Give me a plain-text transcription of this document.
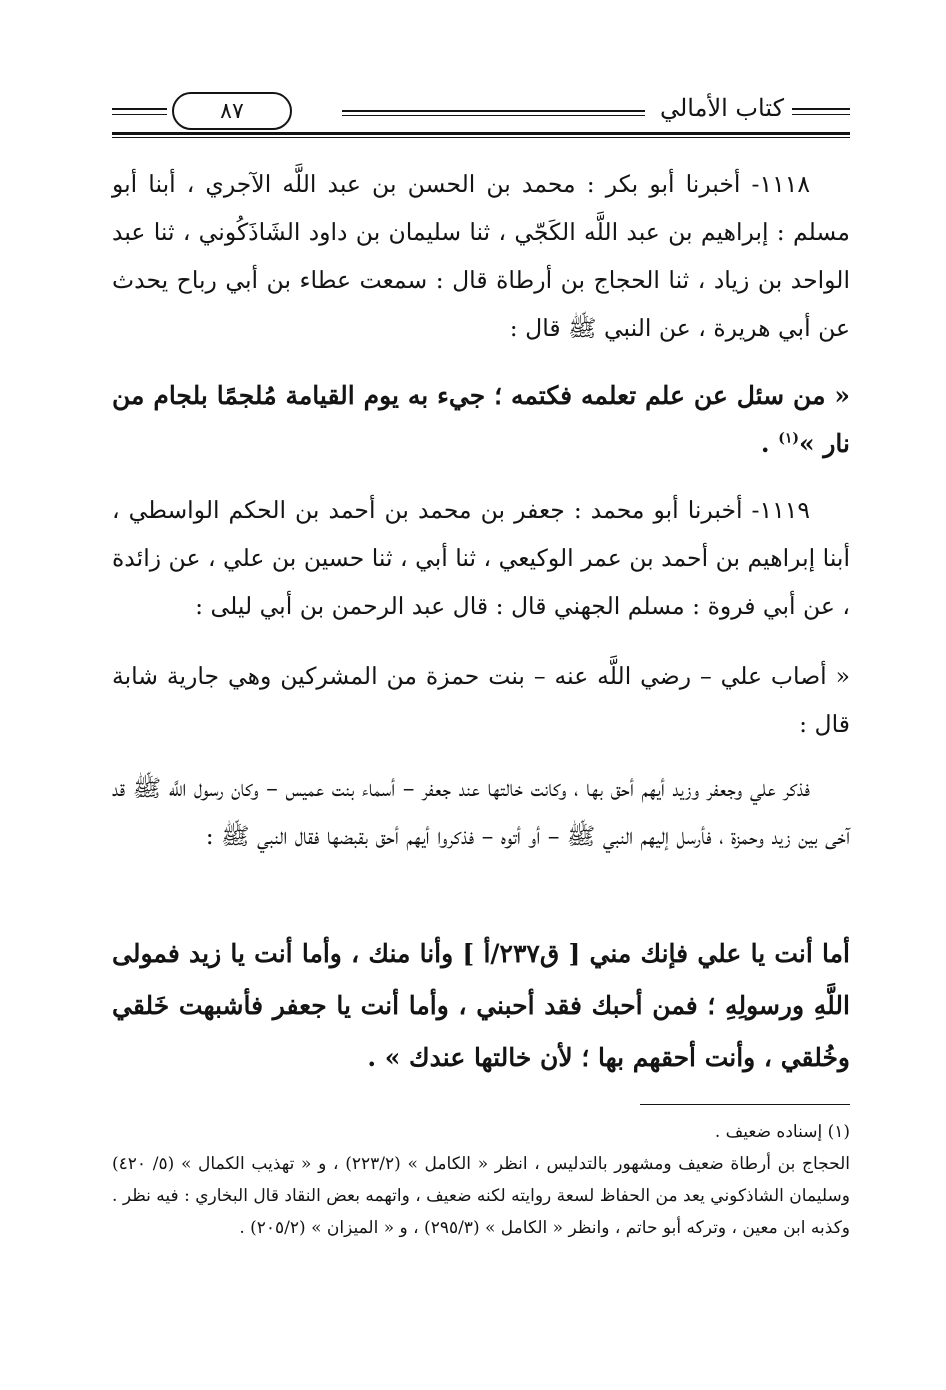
كتاب الأمالي
٨٧
١١١٨- أخبرنا أبو بكر : محمد بن الحسن بن عبد اللَّه الآجري ، أبنا أبو مسلم : إبراهيم بن عبد اللَّه الكَجّي ، ثنا سليمان بن داود الشَاذَكُوني ، ثنا عبد الواحد بن زياد ، ثنا الحجاج بن أرطاة قال : سمعت عطاء بن أبي رباح يحدث عن أبي هريرة ، عن النبي ﷺ قال :
« من سئل عن علم تعلمه فكتمه ؛ جيء به يوم القيامة مُلجمًا بلجام من نار »$^{(١)}$ .
١١١٩- أخبرنا أبو محمد : جعفر بن محمد بن أحمد بن الحكم الواسطي ، أبنا إبراهيم بن أحمد بن عمر الوكيعي ، ثنا أبي ، ثنا حسين بن علي ، عن زائدة ، عن أبي فروة : مسلم الجهني قال : قال عبد الرحمن بن أبي ليلى :
« أصاب علي – رضي اللَّه عنه – بنت حمزة من المشركين وهي جارية شابة قال :
فذكر علي وجعفر وزيد أيهم أحق بها ، وكانت خالتها عند جعفر – أسماء بنت عميس – وكان رسول اللَّه ﷺ قد آخى بين زيد وحمزة ، فأرسل إليهم النبي ﷺ – أو أتوه – فذكروا أيهم أحق بقبضها فقال النبي ﷺ :
أما أنت يا علي فإنك مني [ ق٢٣٧/أ ] وأنا منك ، وأما أنت يا زيد فمولى اللَّهِ ورسولِهِ ؛ فمن أحبك فقد أحبني ، وأما أنت يا جعفر فأشبهت خَلقي وخُلقي ، وأنت أحقهم بها ؛ لأن خالتها عندك » .
(١) إسناده ضعيف .
الحجاج بن أرطاة ضعيف ومشهور بالتدليس ، انظر « الكامل » (٢٢٣/٢) ، و « تهذيب الكمال » (٥/ ٤٢٠) وسليمان الشاذكوني يعد من الحفاظ لسعة روايته لكنه ضعيف ، واتهمه بعض النقاد قال البخاري : فيه نظر . وكذبه ابن معين ، وتركه أبو حاتم ، وانظر « الكامل » (٢٩٥/٣) ، و « الميزان » (٢٠٥/٢) .
